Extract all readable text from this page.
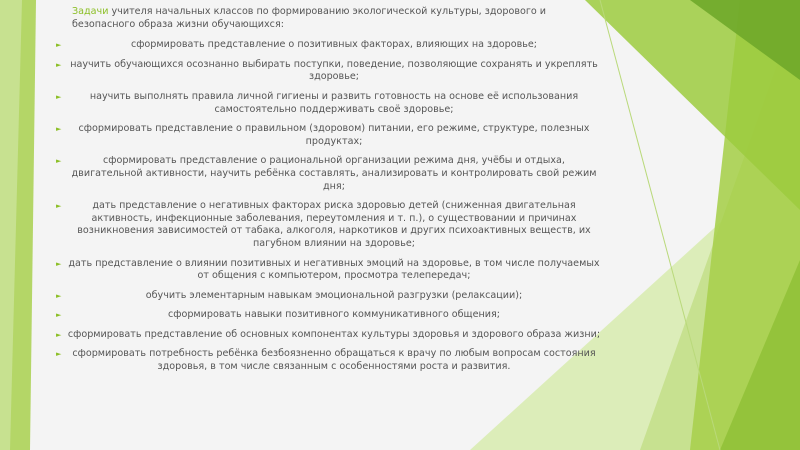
Задачи учителя начальных классов по формированию экологической культуры, здорового и безопасного образа жизни обучающихся:
►	сформировать представление о позитивных факторах, влияющих на здоровье;
► научить обучающихся осознанно выбирать поступки, поведение, позволяющие сохранять и укреплять здоровье;
►	научить выполнять правила личной гигиены и развить готовность на основе её использования самостоятельно поддерживать своё здоровье;
► сформировать представление о правильном (здоровом) питании, его режиме, структуре, полезных продуктах;
►	сформировать представление о рациональной организации режима дня, учёбы и отдыха, двигательной активности, научить ребёнка составлять, анализировать и контролировать свой режим дня;
►	дать представление о негативных факторах риска здоровью детей (сниженная двигательная активность, инфекционные заболевания, переутомления и т. п.), о существовании и причинах возникновения зависимостей от табака, алкоголя, наркотиков и других психоактивных веществ, их пагубном влиянии на здоровье;
► дать представление о влиянии позитивных и негативных эмоций на здоровье, в том числе получаемых от общения с компьютером, просмотра телепередач;
►	обучить элементарным навыкам эмоциональной разгрузки (релаксации);
►	сформировать навыки позитивного коммуникативного общения;
► сформировать представление об основных компонентах культуры здоровья и здорового образа жизни;
► сформировать потребность ребёнка безбоязненно обращаться к врачу по любым вопросам состояния здоровья, в том числе связанным с особенностями роста и развития.
